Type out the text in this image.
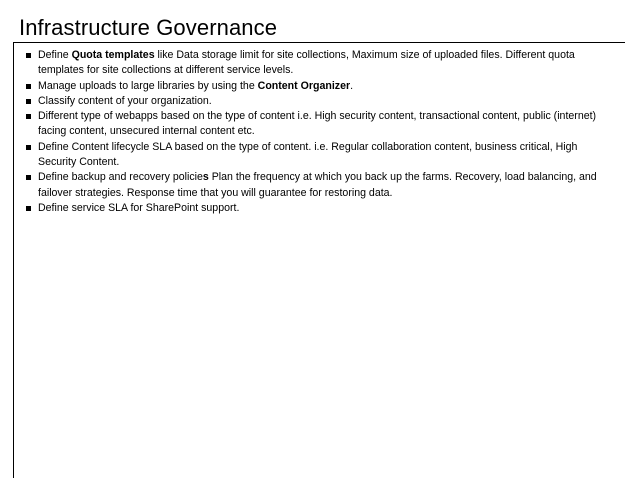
Infrastructure Governance
Define Quota templates like Data storage limit for site collections, Maximum size of uploaded files. Different quota templates for site collections at different service levels.
Manage uploads to large libraries by using the Content Organizer.
Classify content of your organization.
Different type of webapps based on the type of content i.e. High security content, transactional content, public (internet) facing content, unsecured internal content etc.
Define Content lifecycle SLA based on the type of content. i.e. Regular collaboration content, business critical, High Security Content.
Define backup and recovery policies Plan the frequency at which you back up the farms. Recovery, load balancing, and failover strategies. Response time that you will guarantee for restoring data.
Define service SLA for SharePoint support.
